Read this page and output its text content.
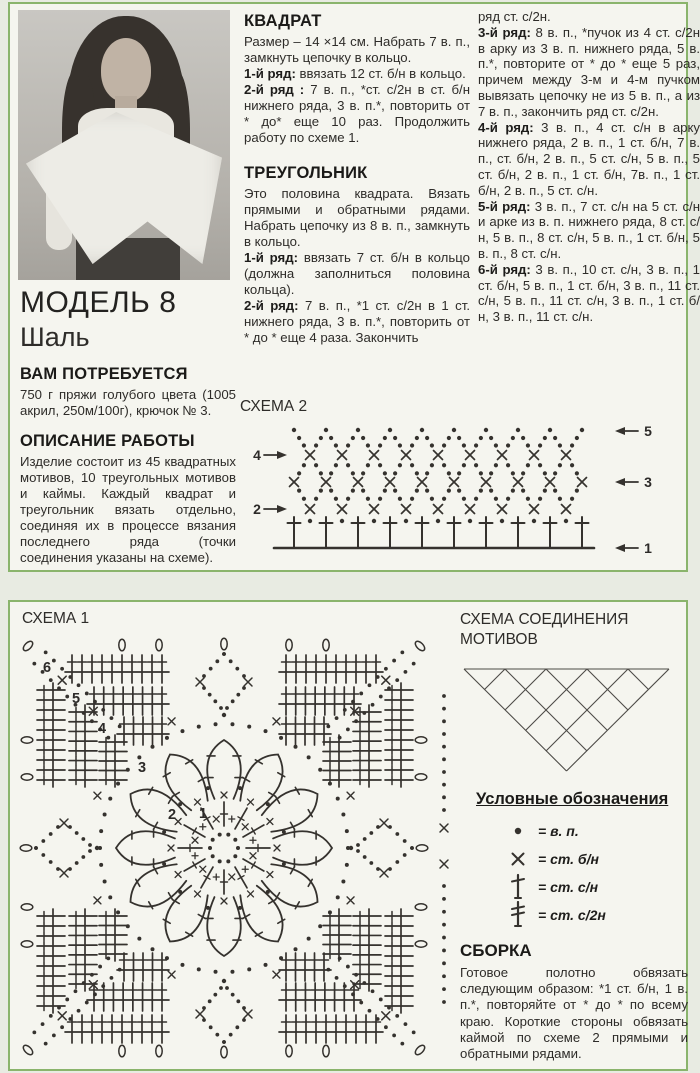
МОДЕЛЬ 8
Шаль
ВАМ ПОТРЕБУЕТСЯ

750 г пряжи голубого цвета (1005 акрил, 250м/100г), крючок № 3.

ОПИСАНИЕ РАБОТЫ

Изделие состоит из 45 квадратных мотивов, 10 треугольных мотивов и каймы. Каждый квадрат и треугольник вязать отдельно, соединяя их в процессе вязания последнего ряда (точки соединения указаны на схеме).

КВАДРАТ

Размер – 14 ×14 см. Набрать 7 в. п., замкнуть цепочку в кольцо.

1-й ряд: ввязать 12 ст. б/н в кольцо.

2-й ряд : 7 в. п., *ст. с/2н в ст. б/н нижнего ряда, 3 в. п.*, повторить от * до* еще 10 раз. Продолжить работу по схеме 1.

ТРЕУГОЛЬНИК

Это половина квадрата. Вязать прямыми и обратными рядами. Набрать цепочку из 8 в. п., замкнуть в кольцо.

1-й ряд: ввязать 7 ст. б/н в кольцо (должна заполниться половина кольца).

2-й ряд: 7 в. п., *1 ст. с/2н в 1 ст. нижнего ряда, 3 в. п.*, повторить от * до * еще 4 раза. Закончить

ряд ст. с/2н.

3-й ряд: 8 в. п., *пучок из 4 ст. с/2н в арку из 3 в. п. нижнего ряда, 5 в. п.*, повторите от * до * еще 5 раз, причем между 3-м и 4-м пучком вывязать цепочку не из 5 в. п., а из 7 в. п., закончить ряд ст. с/2н.

4-й ряд: 3 в. п., 4 ст. с/н в арку нижнего ряда, 2 в. п., 1 ст. б/н, 7 в. п., ст. б/н, 2 в. п., 5 ст. с/н, 5 в. п., 5 ст. б/н, 2 в. п., 1 ст. б/н, 7в. п., 1 ст. б/н, 2 в. п., 5 ст. с/н.

5-й ряд: 3 в. п., 7 ст. с/н на 5 ст. с/н и арке из в. п. нижнего ряда, 8 ст. с/н, 5 в. п., 8 ст. с/н, 5 в. п., 1 ст. б/н, 5 в. п., 8 ст. с/н.

6-й ряд: 3 в. п., 10 ст. с/н, 3 в. п., 1 ст. б/н, 5 в. п., 1 ст. б/н, 3 в. п., 11 ст. с/н, 5 в. п., 11 ст. с/н, 3 в. п., 1 ст. б/н, 3 в. п., 11 ст. с/н.

СХЕМА 2
4
2
5
3
1
СХЕМА 1
1
2
3
4
5
6
СХЕМА СОЕДИНЕНИЯ МОТИВОВ
Условные обозначения
= в. п.
= ст. б/н
= ст. с/н
= ст. с/2н
СБОРКА

Готовое полотно обвязать следующим образом: *1 ст. б/н, 1 в. п.*, повторяйте от * до * по всему краю. Короткие стороны обвязать каймой по схеме 2 прямыми и обратными рядами.
